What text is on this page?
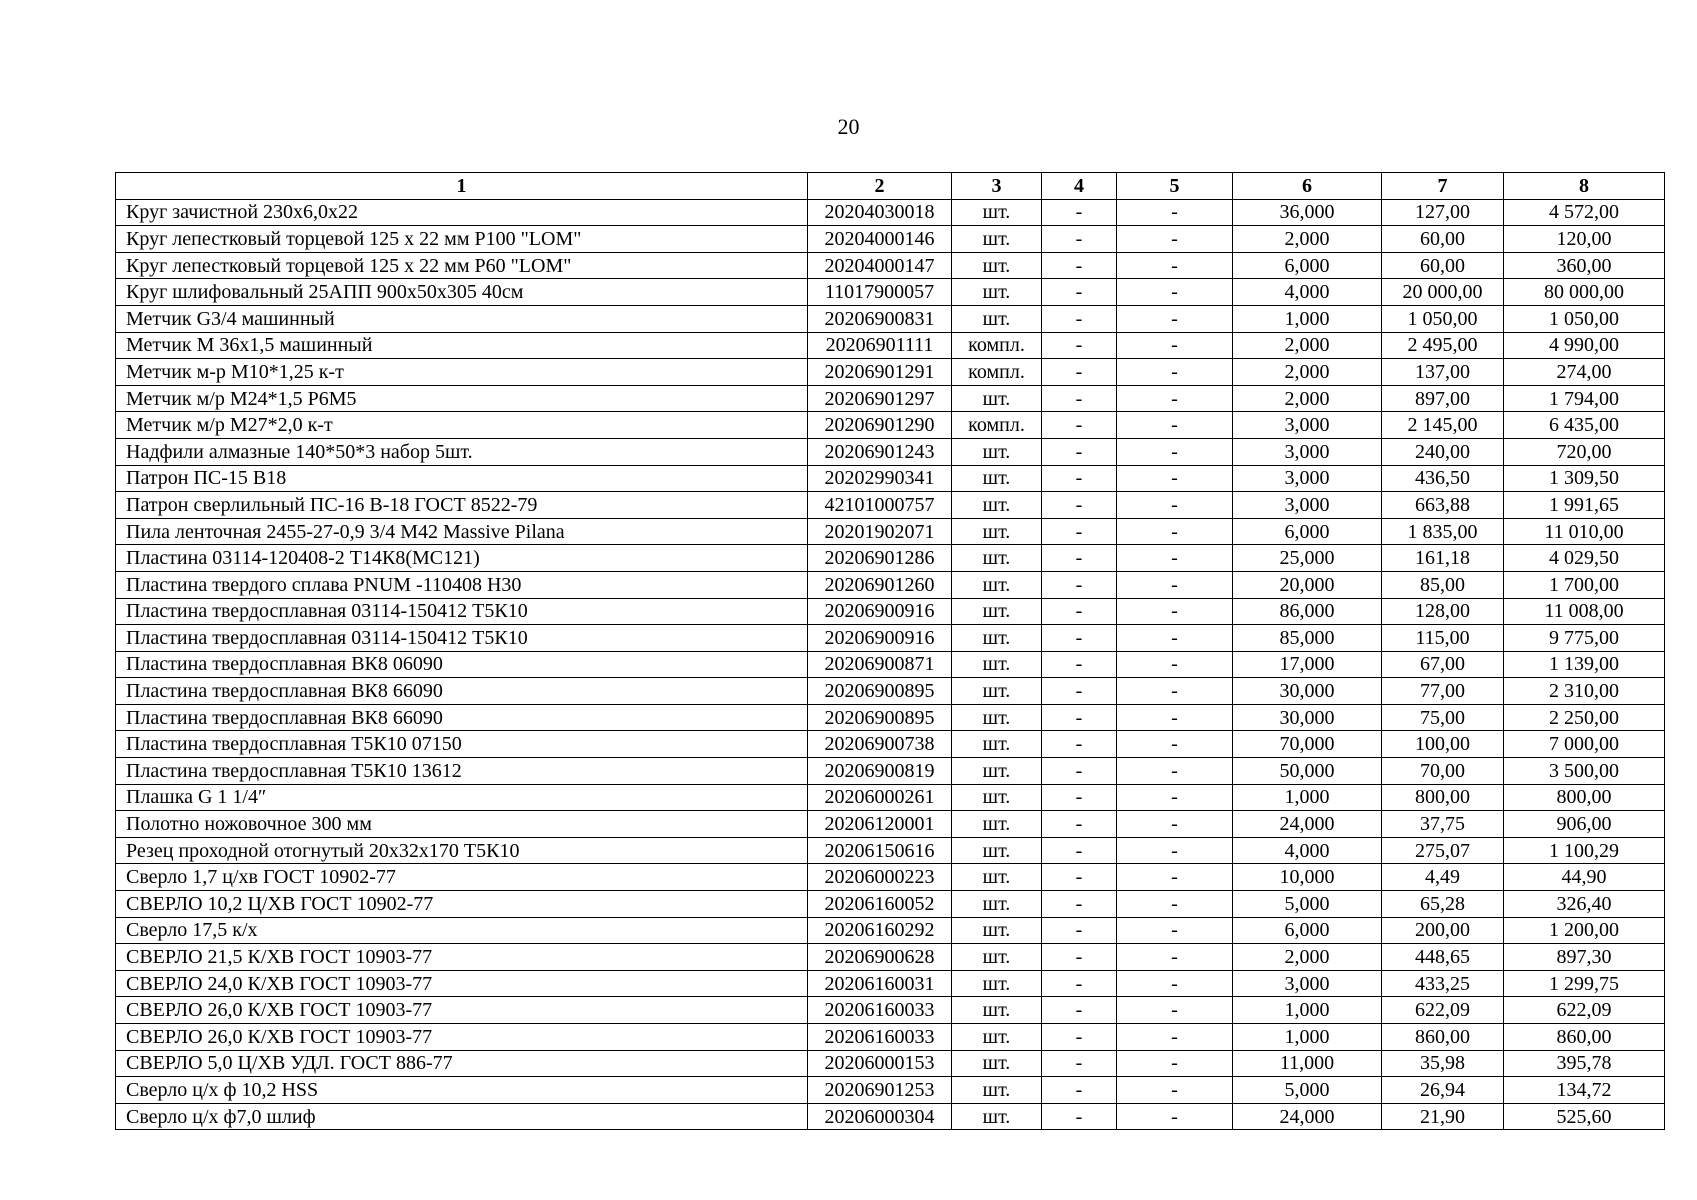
20
1	2	3	4	5	6	7	8
Круг зачистной 230х6,0х22	20204030018	шт.	-	-	36,000	127,00	4 572,00
Круг лепестковый торцевой 125 х 22 мм Р100 "LOM"	20204000146	шт.	-	-	2,000	60,00	120,00
Круг лепестковый торцевой 125 х 22 мм Р60 "LOM"	20204000147	шт.	-	-	6,000	60,00	360,00
Круг шлифовальный 25АПП 900х50х305 40см	11017900057	шт.	-	-	4,000	20 000,00	80 000,00
Метчик G3/4 машинный	20206900831	шт.	-	-	1,000	1 050,00	1 050,00
Метчик М 36х1,5 машинный	20206901111	компл.	-	-	2,000	2 495,00	4 990,00
Метчик м-р М10*1,25 к-т	20206901291	компл.	-	-	2,000	137,00	274,00
Метчик м/р М24*1,5 Р6М5	20206901297	шт.	-	-	2,000	897,00	1 794,00
Метчик м/р М27*2,0 к-т	20206901290	компл.	-	-	3,000	2 145,00	6 435,00
Надфили алмазные 140*50*3 набор 5шт.	20206901243	шт.	-	-	3,000	240,00	720,00
Патрон ПС-15 В18	20202990341	шт.	-	-	3,000	436,50	1 309,50
Патрон сверлильный ПС-16 В-18 ГОСТ 8522-79	42101000757	шт.	-	-	3,000	663,88	1 991,65
Пила ленточная 2455-27-0,9 3/4 M42 Massive Pilana	20201902071	шт.	-	-	6,000	1 835,00	11 010,00
Пластина 03114-120408-2 Т14К8(МС121)	20206901286	шт.	-	-	25,000	161,18	4 029,50
Пластина твердого сплава PNUM -110408 Н30	20206901260	шт.	-	-	20,000	85,00	1 700,00
Пластина твердосплавная 03114-150412 Т5К10	20206900916	шт.	-	-	86,000	128,00	11 008,00
Пластина твердосплавная 03114-150412 Т5К10	20206900916	шт.	-	-	85,000	115,00	9 775,00
Пластина твердосплавная ВК8 06090	20206900871	шт.	-	-	17,000	67,00	1 139,00
Пластина твердосплавная ВК8 66090	20206900895	шт.	-	-	30,000	77,00	2 310,00
Пластина твердосплавная ВК8 66090	20206900895	шт.	-	-	30,000	75,00	2 250,00
Пластина твердосплавная Т5К10 07150	20206900738	шт.	-	-	70,000	100,00	7 000,00
Пластина твердосплавная Т5К10 13612	20206900819	шт.	-	-	50,000	70,00	3 500,00
Плашка G 1 1/4″	20206000261	шт.	-	-	1,000	800,00	800,00
Полотно ножовочное 300 мм	20206120001	шт.	-	-	24,000	37,75	906,00
Резец проходной отогнутый 20х32х170 Т5К10	20206150616	шт.	-	-	4,000	275,07	1 100,29
Сверло 1,7 ц/хв ГОСТ 10902-77	20206000223	шт.	-	-	10,000	4,49	44,90
СВЕРЛО 10,2 Ц/ХВ ГОСТ 10902-77	20206160052	шт.	-	-	5,000	65,28	326,40
Сверло 17,5 к/х	20206160292	шт.	-	-	6,000	200,00	1 200,00
СВЕРЛО 21,5 К/ХВ ГОСТ 10903-77	20206900628	шт.	-	-	2,000	448,65	897,30
СВЕРЛО 24,0 К/ХВ ГОСТ 10903-77	20206160031	шт.	-	-	3,000	433,25	1 299,75
СВЕРЛО 26,0 К/ХВ ГОСТ 10903-77	20206160033	шт.	-	-	1,000	622,09	622,09
СВЕРЛО 26,0 К/ХВ ГОСТ 10903-77	20206160033	шт.	-	-	1,000	860,00	860,00
СВЕРЛО 5,0 Ц/ХВ УДЛ. ГОСТ 886-77	20206000153	шт.	-	-	11,000	35,98	395,78
Сверло ц/х ф 10,2 HSS	20206901253	шт.	-	-	5,000	26,94	134,72
Сверло ц/х ф7,0 шлиф	20206000304	шт.	-	-	24,000	21,90	525,60
